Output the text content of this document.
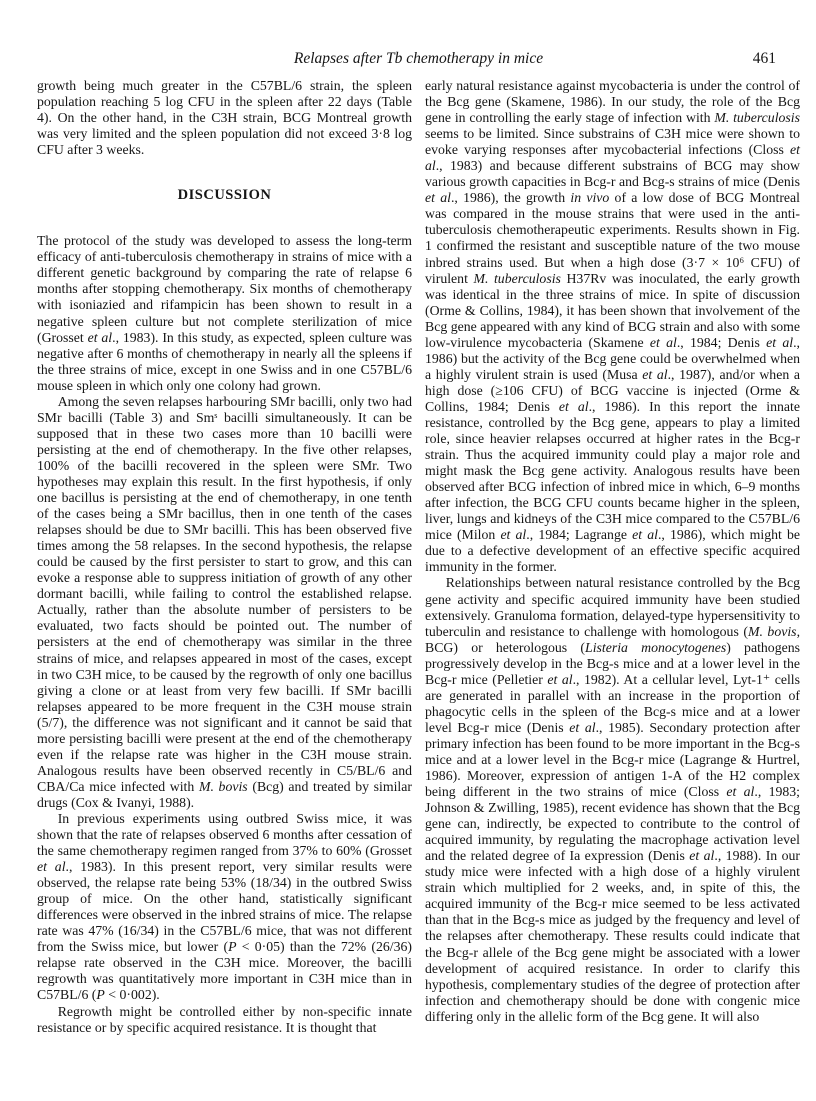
Relapses after Tb chemotherapy in mice	461

growth being much greater in the C57BL/6 strain, the spleen population reaching 5 log CFU in the spleen after 22 days (Table 4). On the other hand, in the C3H strain, BCG Montreal growth was very limited and the spleen population did not exceed 3·8 log CFU after 3 weeks.

DISCUSSION

The protocol of the study was developed to assess the long-term efficacy of anti-tuberculosis chemotherapy in strains of mice with a different genetic background by comparing the rate of relapse 6 months after stopping chemotherapy. Six months of chemotherapy with isoniazied and rifampicin has been shown to result in a negative spleen culture but not complete sterilization of mice (Grosset et al., 1983). In this study, as expected, spleen culture was negative after 6 months of chemotherapy in nearly all the spleens if the three strains of mice, except in one Swiss and in one C57BL/6 mouse spleen in which only one colony had grown.

Among the seven relapses harbouring SMr bacilli, only two had SMr bacilli (Table 3) and Smˢ bacilli simultaneously. It can be supposed that in these two cases more than 10 bacilli were persisting at the end of chemotherapy. In the five other relapses, 100% of the bacilli recovered in the spleen were SMr. Two hypotheses may explain this result. In the first hypothesis, if only one bacillus is persisting at the end of chemotherapy, in one tenth of the cases being a SMr bacillus, then in one tenth of the cases relapses should be due to SMr bacilli. This has been observed five times among the 58 relapses. In the second hypothesis, the relapse could be caused by the first persister to start to grow, and this can evoke a response able to suppress initiation of growth of any other dormant bacilli, while failing to control the established relapse. Actually, rather than the absolute number of persisters to be evaluated, two facts should be pointed out. The number of persisters at the end of chemotherapy was similar in the three strains of mice, and relapses appeared in most of the cases, except in two C3H mice, to be caused by the regrowth of only one bacillus giving a clone or at least from very few bacilli. If SMr bacilli relapses appeared to be more frequent in the C3H mouse strain (5/7), the difference was not significant and it cannot be said that more persisting bacilli were present at the end of the chemotherapy even if the relapse rate was higher in the C3H mouse strain. Analogous results have been observed recently in C5/BL/6 and CBA/Ca mice infected with M. bovis (Bcg) and treated by similar drugs (Cox & Ivanyi, 1988).

In previous experiments using outbred Swiss mice, it was shown that the rate of relapses observed 6 months after cessation of the same chemotherapy regimen ranged from 37% to 60% (Grosset et al., 1983). In this present report, very similar results were observed, the relapse rate being 53% (18/34) in the outbred Swiss group of mice. On the other hand, statistically significant differences were observed in the inbred strains of mice. The relapse rate was 47% (16/34) in the C57BL/6 mice, that was not different from the Swiss mice, but lower (P < 0·05) than the 72% (26/36) relapse rate observed in the C3H mice. Moreover, the bacilli regrowth was quantitatively more important in C3H mice than in C57BL/6 (P < 0·002).

Regrowth might be controlled either by non-specific innate resistance or by specific acquired resistance. It is thought that

early natural resistance against mycobacteria is under the control of the Bcg gene (Skamene, 1986). In our study, the role of the Bcg gene in controlling the early stage of infection with M. tuberculosis seems to be limited. Since substrains of C3H mice were shown to evoke varying responses after mycobacterial infections (Closs et al., 1983) and because different substrains of BCG may show various growth capacities in Bcg-r and Bcg-s strains of mice (Denis et al., 1986), the growth in vivo of a low dose of BCG Montreal was compared in the mouse strains that were used in the anti-tuberculosis chemotherapeutic experiments. Results shown in Fig. 1 confirmed the resistant and susceptible nature of the two mouse inbred strains used. But when a high dose (3·7 × 10⁶ CFU) of virulent M. tuberculosis H37Rv was inoculated, the early growth was identical in the three strains of mice. In spite of discussion (Orme & Collins, 1984), it has been shown that involvement of the Bcg gene appeared with any kind of BCG strain and also with some low-virulence mycobacteria (Skamene et al., 1984; Denis et al., 1986) but the activity of the Bcg gene could be overwhelmed when a highly virulent strain is used (Musa et al., 1987), and/or when a high dose (≥106 CFU) of BCG vaccine is injected (Orme & Collins, 1984; Denis et al., 1986). In this report the innate resistance, controlled by the Bcg gene, appears to play a limited role, since heavier relapses occurred at higher rates in the Bcg-r strain. Thus the acquired immunity could play a major role and might mask the Bcg gene activity. Analogous results have been observed after BCG infection of inbred mice in which, 6–9 months after infection, the BCG CFU counts became higher in the spleen, liver, lungs and kidneys of the C3H mice compared to the C57BL/6 mice (Milon et al., 1984; Lagrange et al., 1986), which might be due to a defective development of an effective specific acquired immunity in the former.

Relationships between natural resistance controlled by the Bcg gene activity and specific acquired immunity have been studied extensively. Granuloma formation, delayed-type hypersensitivity to tuberculin and resistance to challenge with homologous (M. bovis, BCG) or heterologous (Listeria monocytogenes) pathogens progressively develop in the Bcg-s mice and at a lower level in the Bcg-r mice (Pelletier et al., 1982). At a cellular level, Lyt-1⁺ cells are generated in parallel with an increase in the proportion of phagocytic cells in the spleen of the Bcg-s mice and at a lower level Bcg-r mice (Denis et al., 1985). Secondary protection after primary infection has been found to be more important in the Bcg-s mice and at a lower level in the Bcg-r mice (Lagrange & Hurtrel, 1986). Moreover, expression of antigen 1-A of the H2 complex being different in the two strains of mice (Closs et al., 1983; Johnson & Zwilling, 1985), recent evidence has shown that the Bcg gene can, indirectly, be expected to contribute to the control of acquired immunity, by regulating the macrophage activation level and the related degree of Ia expression (Denis et al., 1988). In our study mice were infected with a high dose of a highly virulent strain which multiplied for 2 weeks, and, in spite of this, the acquired immunity of the Bcg-r mice seemed to be less activated than that in the Bcg-s mice as judged by the frequency and level of the relapses after chemotherapy. These results could indicate that the Bcg-r allele of the Bcg gene might be associated with a lower development of acquired resistance. In order to clarify this hypothesis, complementary studies of the degree of protection after infection and chemotherapy should be done with congenic mice differing only in the allelic form of the Bcg gene. It will also
